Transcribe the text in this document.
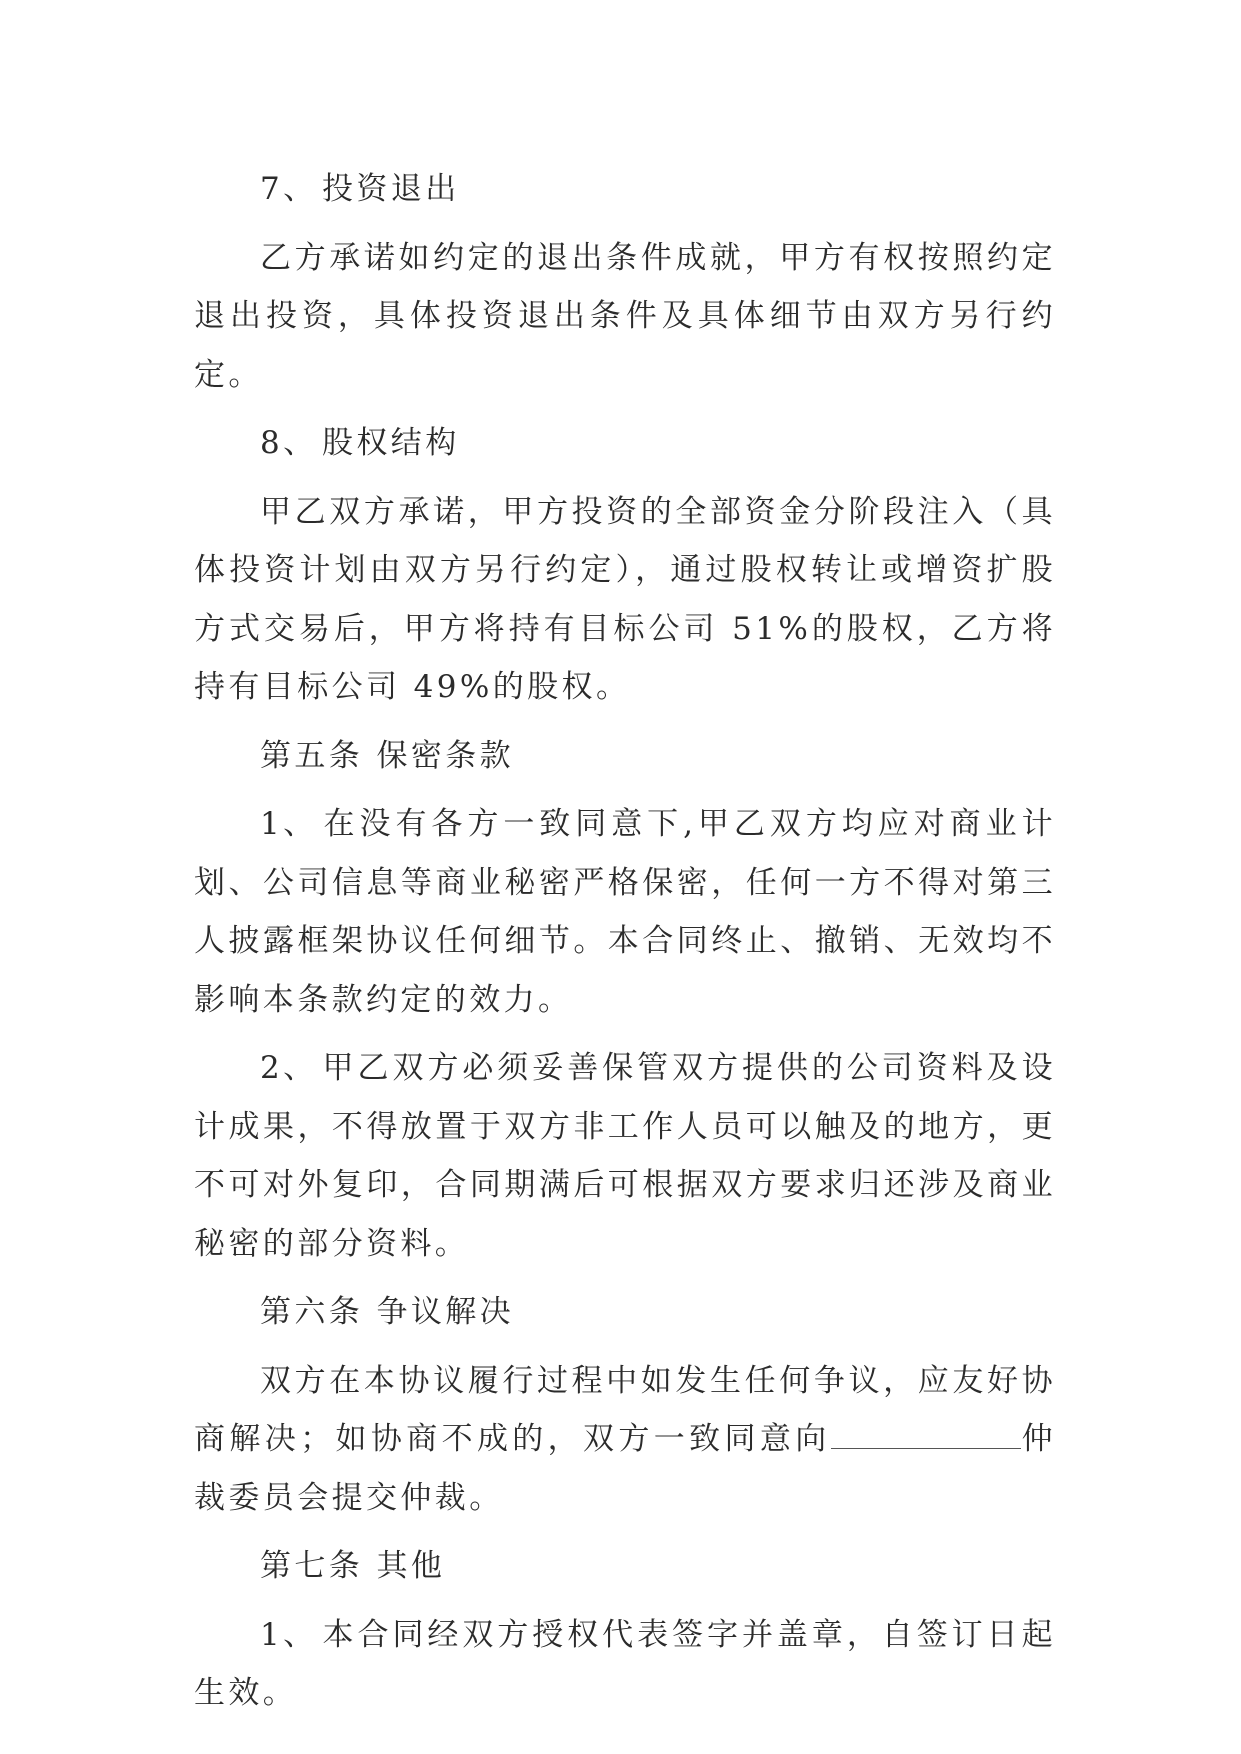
7、 投资退出

乙方承诺如约定的退出条件成就，甲方有权按照约定退出投资，具体投资退出条件及具体细节由双方另行约定。

8、 股权结构

甲乙双方承诺，甲方投资的全部资金分阶段注入（具体投资计划由双方另行约定），通过股权转让或增资扩股方式交易后，甲方将持有目标公司 51%的股权，乙方将持有目标公司 49%的股权。

第五条 保密条款

1、 在没有各方一致同意下,甲乙双方均应对商业计划、公司信息等商业秘密严格保密，任何一方不得对第三人披露框架协议任何细节。本合同终止、撤销、无效均不影响本条款约定的效力。

2、 甲乙双方必须妥善保管双方提供的公司资料及设计成果，不得放置于双方非工作人员可以触及的地方，更不可对外复印，合同期满后可根据双方要求归还涉及商业秘密的部分资料。

第六条 争议解决

双方在本协议履行过程中如发生任何争议，应友好协商解决；如协商不成的，双方一致同意向	仲裁委员会提交仲裁。

第七条 其他

1、 本合同经双方授权代表签字并盖章，自签订日起生效。
